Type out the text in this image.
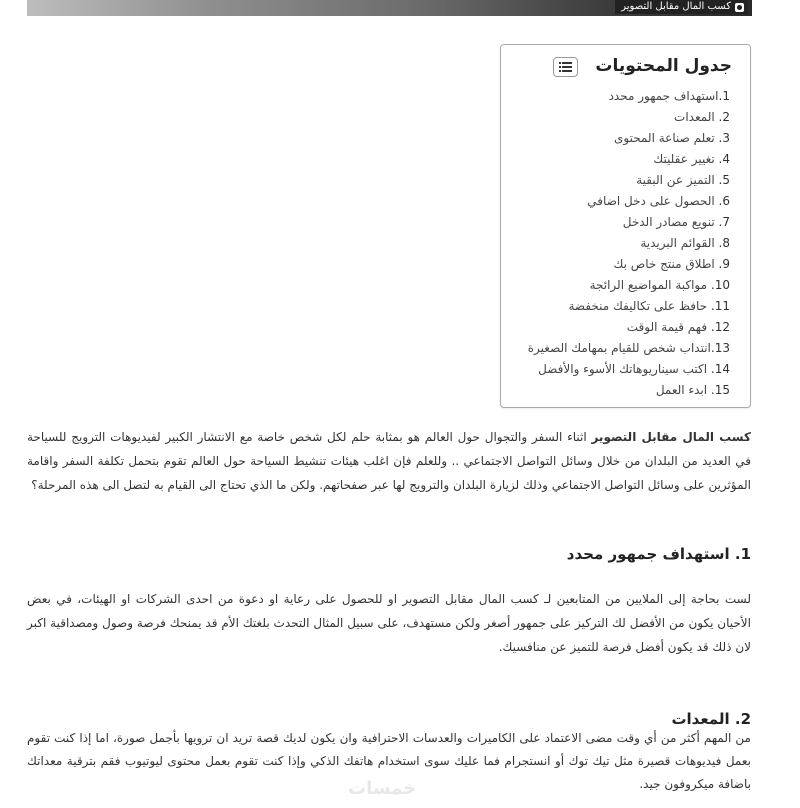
كسب المال مقابل التصوير
جدول المحتويات
1.استهداف جمهور محدد
2. المعدات
3. تعلم صناعة المحتوى
4. تغيير عقليتك
5. التميز عن البقية
6. الحصول على دخل اضافي
7. تنويع مصادر الدخل
8. القوائم البريدية
9. اطلاق منتج خاص بك
10. مواكبة المواضيع الرائجة
11. حافظ على تكاليفك منخفضة
12. فهم قيمة الوقت
13.انتداب شخص للقيام بمهامك الصغيرة
14. اكتب سيناريوهاتك الأسوء والأفضل
15. ابدء العمل

كسب المال مقابل التصوير اثناء السفر والتجوال حول العالم هو بمثابة حلم لكل شخص خاصة مع الانتشار الكبير لفيديوهات الترويج للسياحة في العديد من البلدان من خلال وسائل التواصل الاجتماعي .. وللعلم فإن اغلب هيئات تنشيط السياحة حول العالم تقوم بتحمل تكلفة السفر واقامة المؤثرين على وسائل التواصل الاجتماعي وذلك لزيارة البلدان والترويج لها عبر صفحاتهم. ولكن ما الذي تحتاج الى القيام به لتصل الى هذه المرحلة؟

1. استهداف جمهور محدد

لست بحاجة إلى الملايين من المتابعين لـ كسب المال مقابل التصوير او للحصول على رعاية او دعوة من احدى الشركات او الهيئات، في بعض الأحيان يكون من الأفضل لك التركيز على جمهور أصغر ولكن مستهدف، على سبيل المثال التحدث بلغتك الأم قد يمنحك فرصة وصول ومصداقية اكبر لان ذلك قد يكون أفضل فرصة للتميز عن منافسيك.

2. المعدات

من المهم أكثر من أي وقت مضى الاعتماد على الكاميرات والعدسات الاحترافية وان يكون لديك قصة تريد ان ترويها بأجمل صورة، اما إذا كنت تقوم بعمل فيديوهات قصيرة مثل تيك توك أو انستجرام فما عليك سوى استخدام هاتفك الذكي وإذا كنت تقوم بعمل محتوى ليوتيوب فقم بترقية معداتك باضافة ميكروفون جيد.

خمسات
